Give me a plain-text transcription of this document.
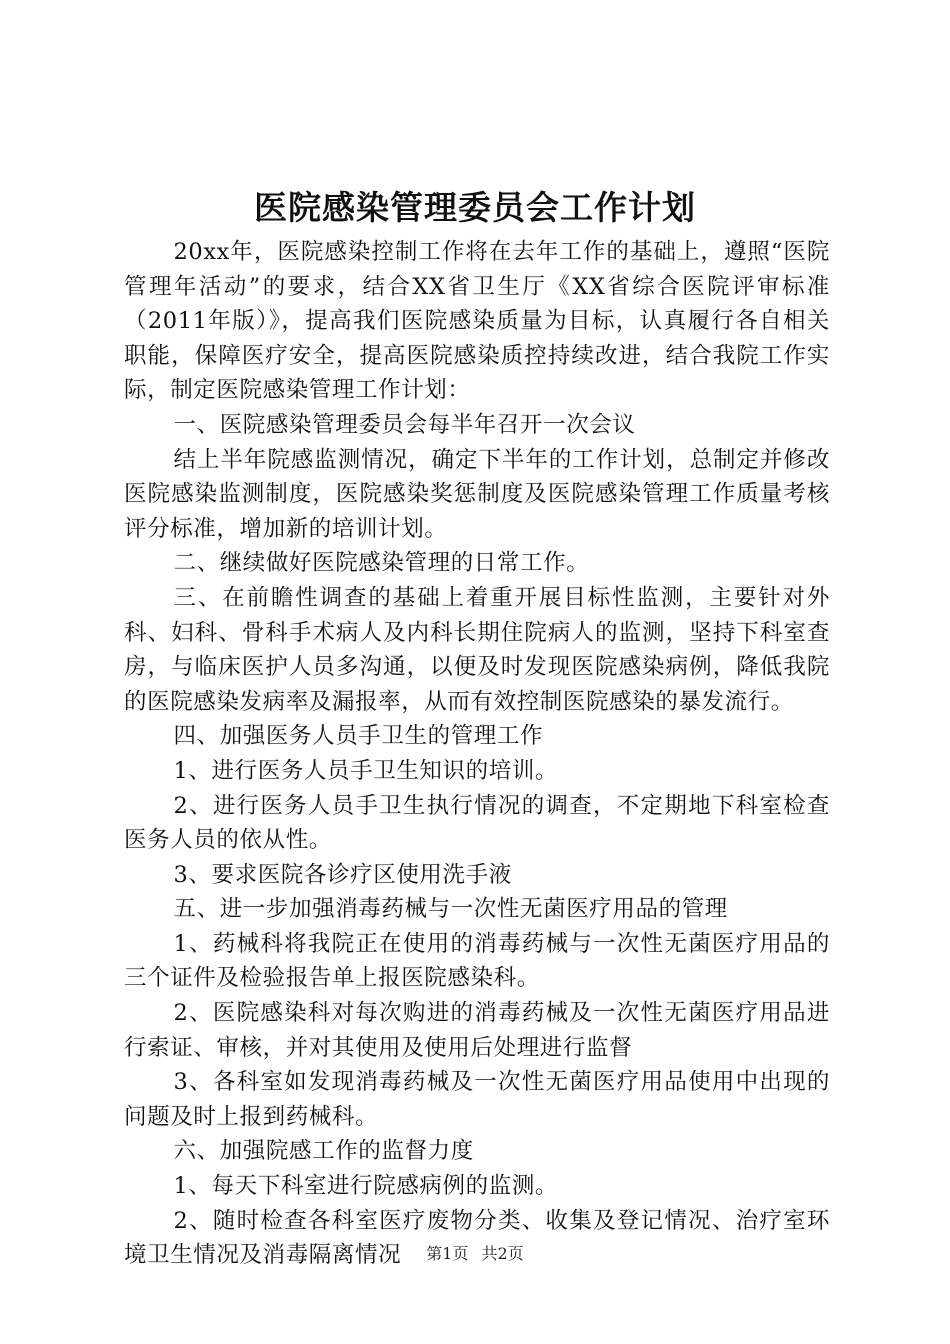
医院感染管理委员会工作计划

20xx年，医院感染控制工作将在去年工作的基础上，遵照“医院管理年活动”的要求，结合XX省卫生厅《XX省综合医院评审标准（2011年版）》，提高我们医院感染质量为目标，认真履行各自相关职能，保障医疗安全，提高医院感染质控持续改进，结合我院工作实际，制定医院感染管理工作计划：

一、医院感染管理委员会每半年召开一次会议

结上半年院感监测情况，确定下半年的工作计划，总制定并修改医院感染监测制度，医院感染奖惩制度及医院感染管理工作质量考核评分标准，增加新的培训计划。

二、继续做好医院感染管理的日常工作。

三、在前瞻性调查的基础上着重开展目标性监测，主要针对外科、妇科、骨科手术病人及内科长期住院病人的监测，坚持下科室查房，与临床医护人员多沟通，以便及时发现医院感染病例，降低我院的医院感染发病率及漏报率，从而有效控制医院感染的暴发流行。

四、加强医务人员手卫生的管理工作

1、进行医务人员手卫生知识的培训。

2、进行医务人员手卫生执行情况的调查，不定期地下科室检查医务人员的依从性。

3、要求医院各诊疗区使用洗手液

五、进一步加强消毒药械与一次性无菌医疗用品的管理

1、药械科将我院正在使用的消毒药械与一次性无菌医疗用品的三个证件及检验报告单上报医院感染科。

2、医院感染科对每次购进的消毒药械及一次性无菌医疗用品进行索证、审核，并对其使用及使用后处理进行监督

3、各科室如发现消毒药械及一次性无菌医疗用品使用中出现的问题及时上报到药械科。

六、加强院感工作的监督力度

1、每天下科室进行院感病例的监测。

2、随时检查各科室医疗废物分类、收集及登记情况、治疗室环境卫生情况及消毒隔离情况	第1页 共2页
